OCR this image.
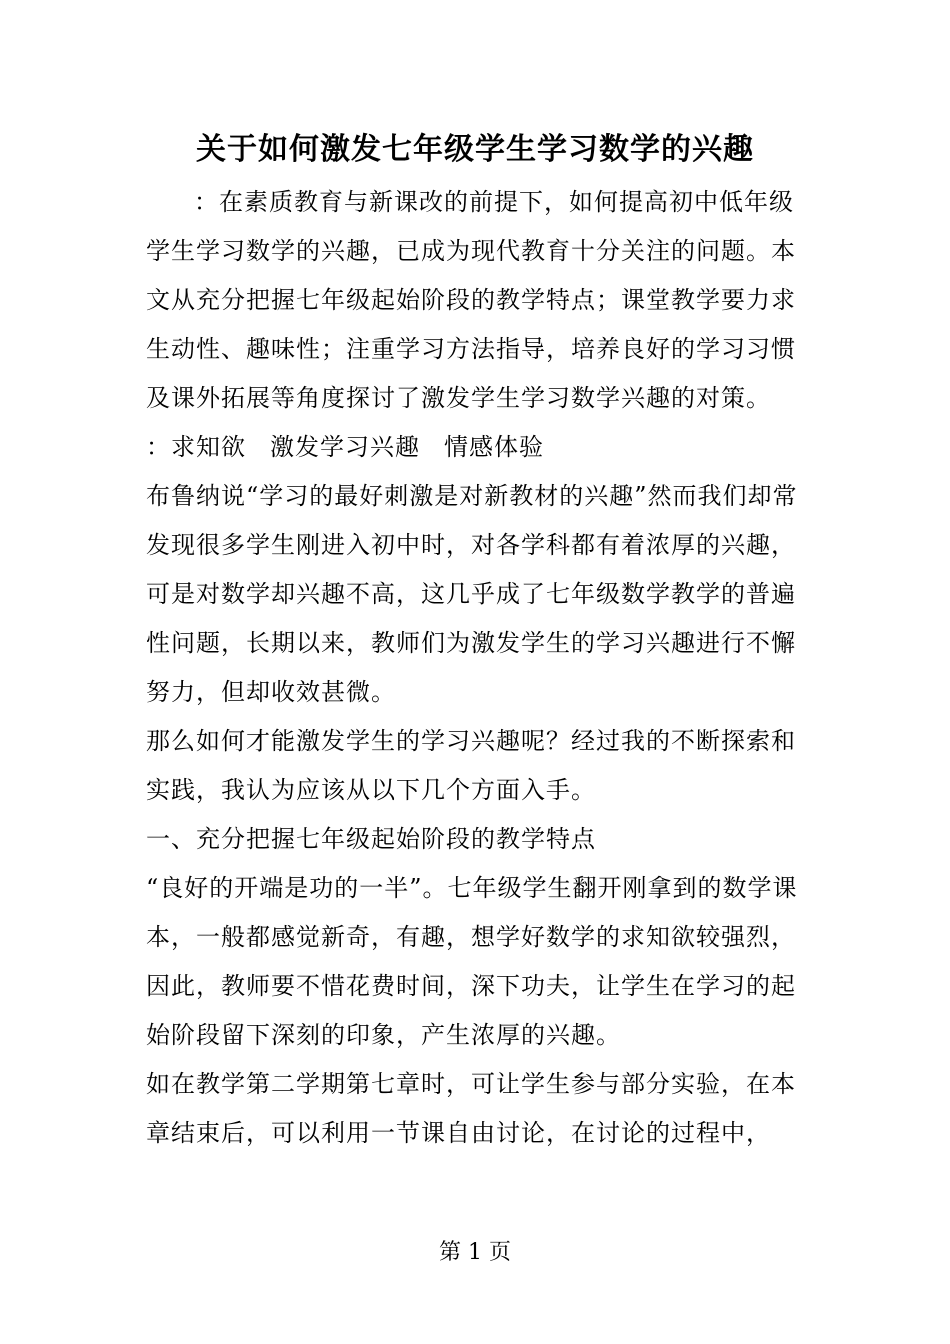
关于如何激发七年级学生学习数学的兴趣

：在素质教育与新课改的前提下，如何提高初中低年级学生学习数学的兴趣，已成为现代教育十分关注的问题。本文从充分把握七年级起始阶段的教学特点；课堂教学要力求生动性、趣味性；注重学习方法指导，培养良好的学习习惯及课外拓展等角度探讨了激发学生学习数学兴趣的对策。

：求知欲 激发学习兴趣 情感体验

布鲁纳说“学习的最好刺激是对新教材的兴趣”然而我们却常发现很多学生刚进入初中时，对各学科都有着浓厚的兴趣，可是对数学却兴趣不高，这几乎成了七年级数学教学的普遍性问题，长期以来，教师们为激发学生的学习兴趣进行不懈努力，但却收效甚微。

那么如何才能激发学生的学习兴趣呢？经过我的不断探索和实践，我认为应该从以下几个方面入手。

一、充分把握七年级起始阶段的教学特点

“良好的开端是功的一半”。七年级学生翻开刚拿到的数学课本，一般都感觉新奇，有趣，想学好数学的求知欲较强烈，因此，教师要不惜花费时间，深下功夫，让学生在学习的起始阶段留下深刻的印象，产生浓厚的兴趣。

如在教学第二学期第七章时，可让学生参与部分实验，在本章结束后，可以利用一节课自由讨论，在讨论的过程中，

第 1 页
